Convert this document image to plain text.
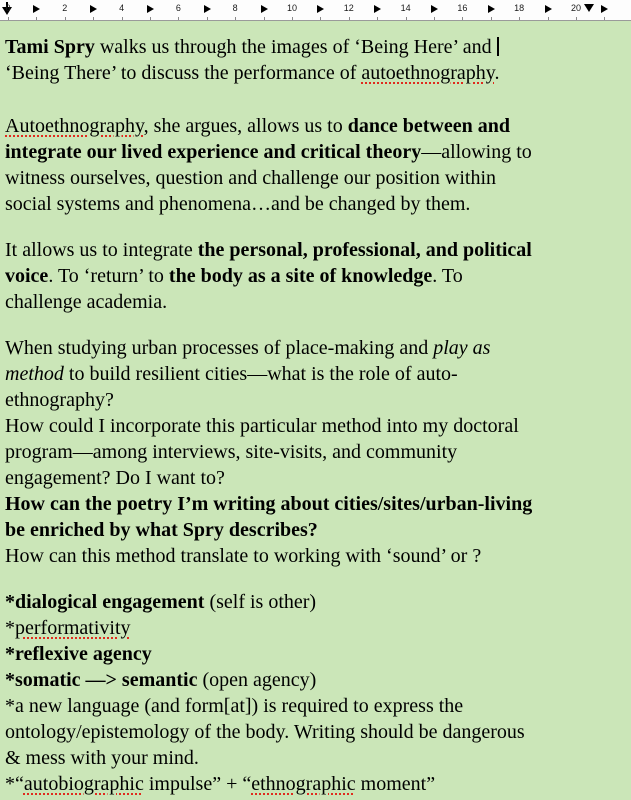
0	2	4	6	8	10	12	14	16	18	20
Tami Spry walks us through the images of ‘Being Here’ and
‘Being There’ to discuss the performance of autoethnography.
Autoethnography, she argues, allows us to dance between and
integrate our lived experience and critical theory—allowing to
witness ourselves, question and challenge our position within
social systems and phenomena…and be changed by them.
It allows us to integrate the personal, professional, and political
voice. To ‘return’ to the body as a site of knowledge. To
challenge academia.
When studying urban processes of place-making and play as
method to build resilient cities—what is the role of auto-
ethnography?
How could I incorporate this particular method into my doctoral
program—among interviews, site-visits, and community
engagement? Do I want to?
How can the poetry I’m writing about cities/sites/urban-living
be enriched by what Spry describes?
How can this method translate to working with ‘sound’ or ?
*dialogical engagement (self is other)
*performativity
*reflexive agency
*somatic —> semantic (open agency)
*a new language (and form[at]) is required to express the
ontology/epistemology of the body. Writing should be dangerous
& mess with your mind.
*“autobiographic impulse” + “ethnographic moment”
